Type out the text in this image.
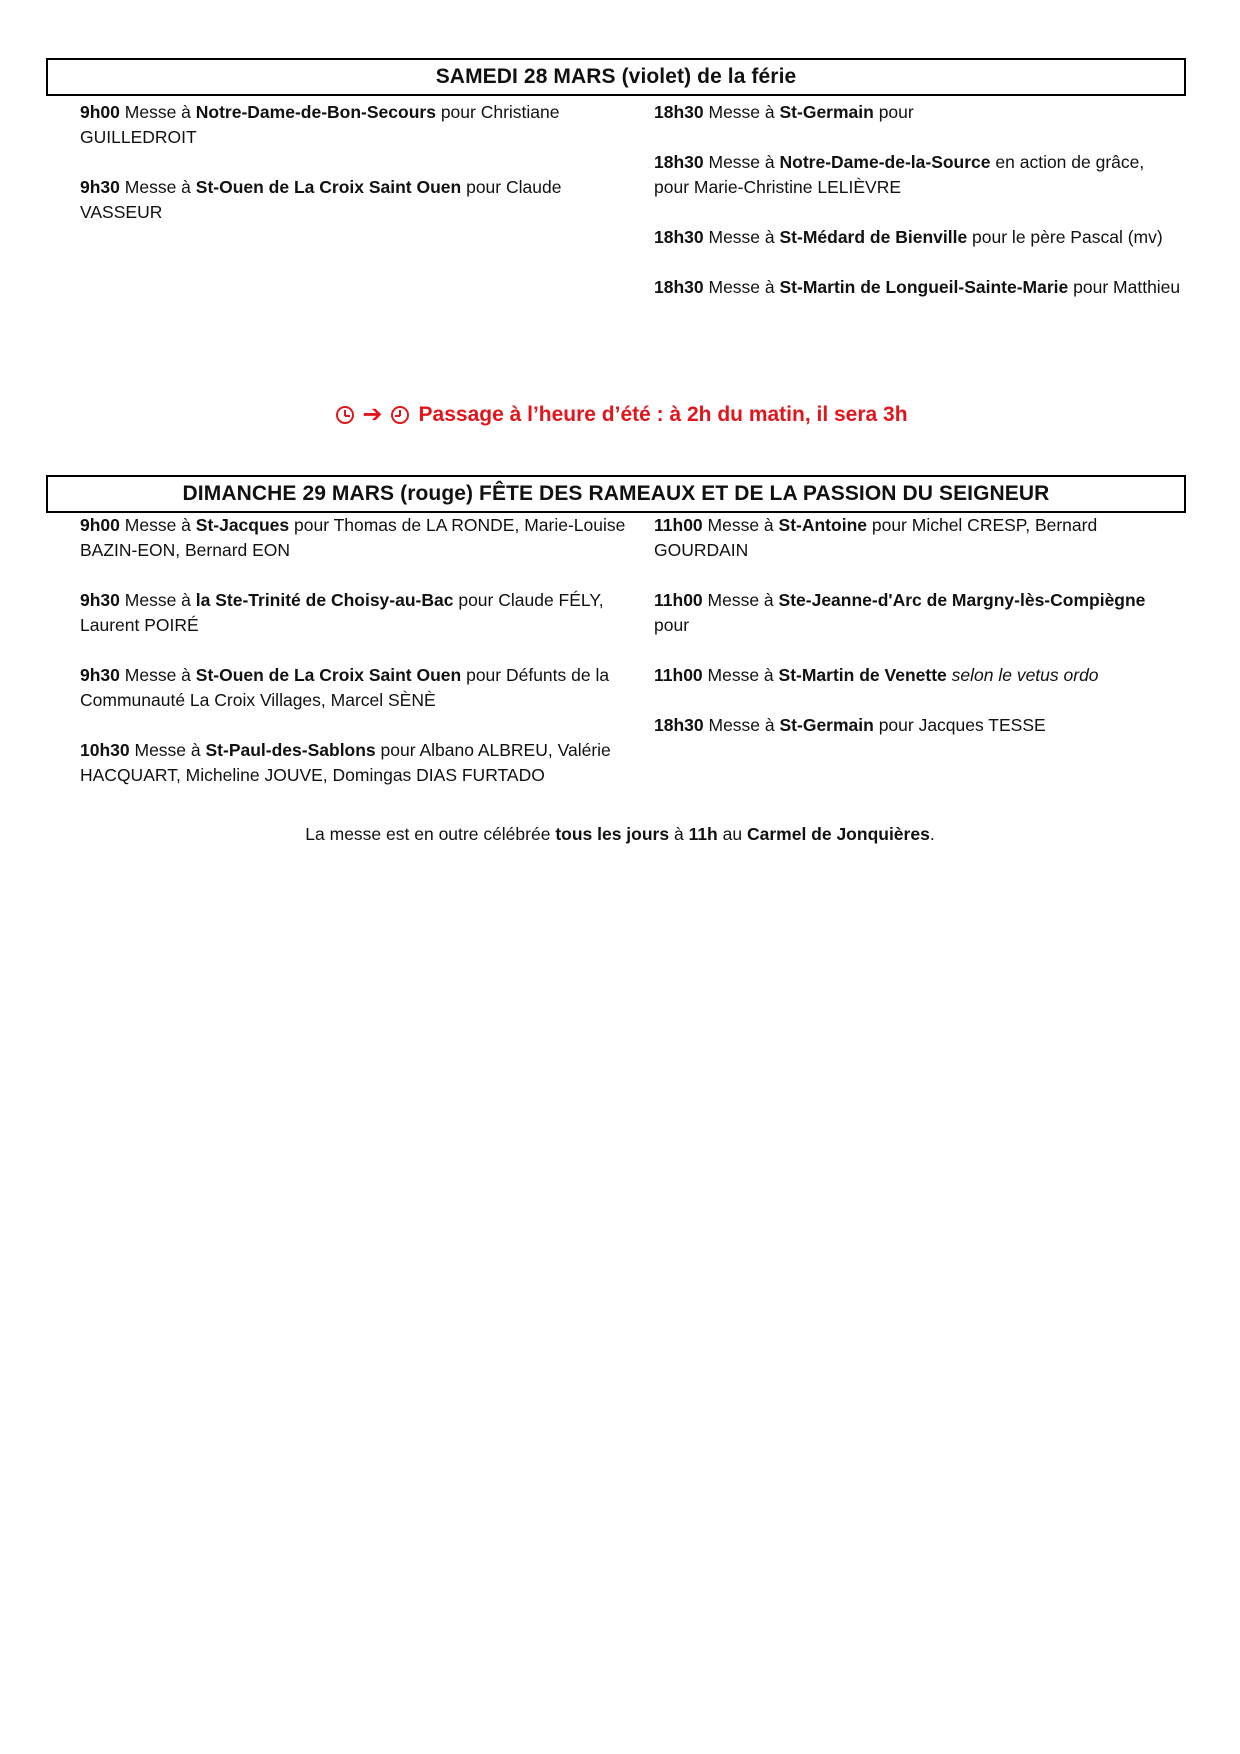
SAMEDI 28 MARS (violet) de la férie
9h00 Messe à Notre-Dame-de-Bon-Secours pour Christiane GUILLEDROIT
9h30 Messe à St-Ouen de La Croix Saint Ouen pour Claude VASSEUR
18h30 Messe à St-Germain pour
18h30 Messe à Notre-Dame-de-la-Source en action de grâce, pour Marie-Christine LELIÈVRE
18h30 Messe à St-Médard de Bienville pour le père Pascal (mv)
18h30 Messe à St-Martin de Longueil-Sainte-Marie pour Matthieu
➔ Passage à l’heure d’été : à 2h du matin, il sera 3h
DIMANCHE 29 MARS (rouge) FÊTE DES RAMEAUX ET DE LA PASSION DU SEIGNEUR
9h00 Messe à St-Jacques pour Thomas de LA RONDE, Marie-Louise BAZIN-EON, Bernard EON
9h30 Messe à la Ste-Trinité de Choisy-au-Bac pour Claude FÉLY, Laurent POIRÉ
9h30 Messe à St-Ouen de La Croix Saint Ouen pour Défunts de la Communauté La Croix Villages, Marcel SÈNÈ
10h30 Messe à St-Paul-des-Sablons pour Albano ALBREU, Valérie HACQUART, Micheline JOUVE, Domingas DIAS FURTADO
11h00 Messe à St-Antoine pour Michel CRESP, Bernard GOURDAIN
11h00 Messe à Ste-Jeanne-d'Arc de Margny-lès-Compiègne pour
11h00 Messe à St-Martin de Venette selon le vetus ordo
18h30 Messe à St-Germain pour Jacques TESSE
La messe est en outre célébrée tous les jours à 11h au Carmel de Jonquières.
